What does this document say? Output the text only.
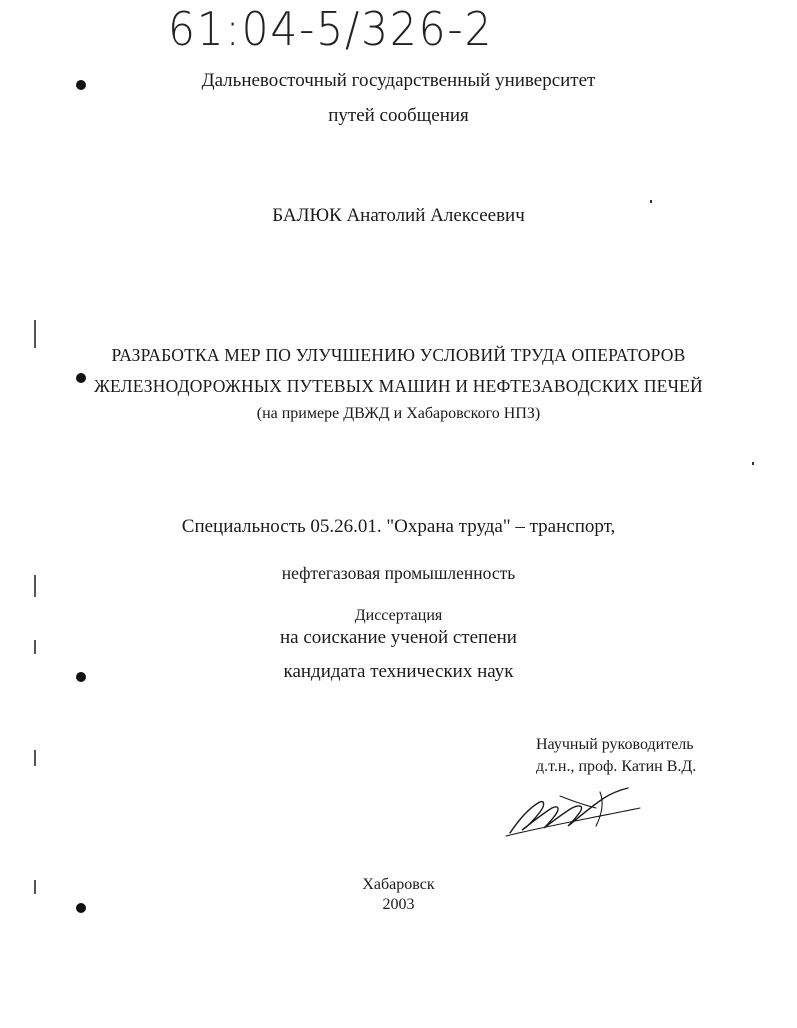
61:04-5/326-2
Дальневосточный государственный университет
путей сообщения
БАЛЮК Анатолий Алексеевич
РАЗРАБОТКА МЕР ПО УЛУЧШЕНИЮ УСЛОВИЙ ТРУДА ОПЕРАТОРОВ
ЖЕЛЕЗНОДОРОЖНЫХ ПУТЕВЫХ МАШИН И НЕФТЕЗАВОДСКИХ ПЕЧЕЙ
(на примере ДВЖД и Хабаровского НПЗ)
Специальность 05.26.01. "Охрана труда" – транспорт,
нефтегазовая промышленность
Диссертация
на соискание ученой степени
кандидата технических наук
Научный руководитель
д.т.н., проф. Катин В.Д.
Хабаровск
2003
